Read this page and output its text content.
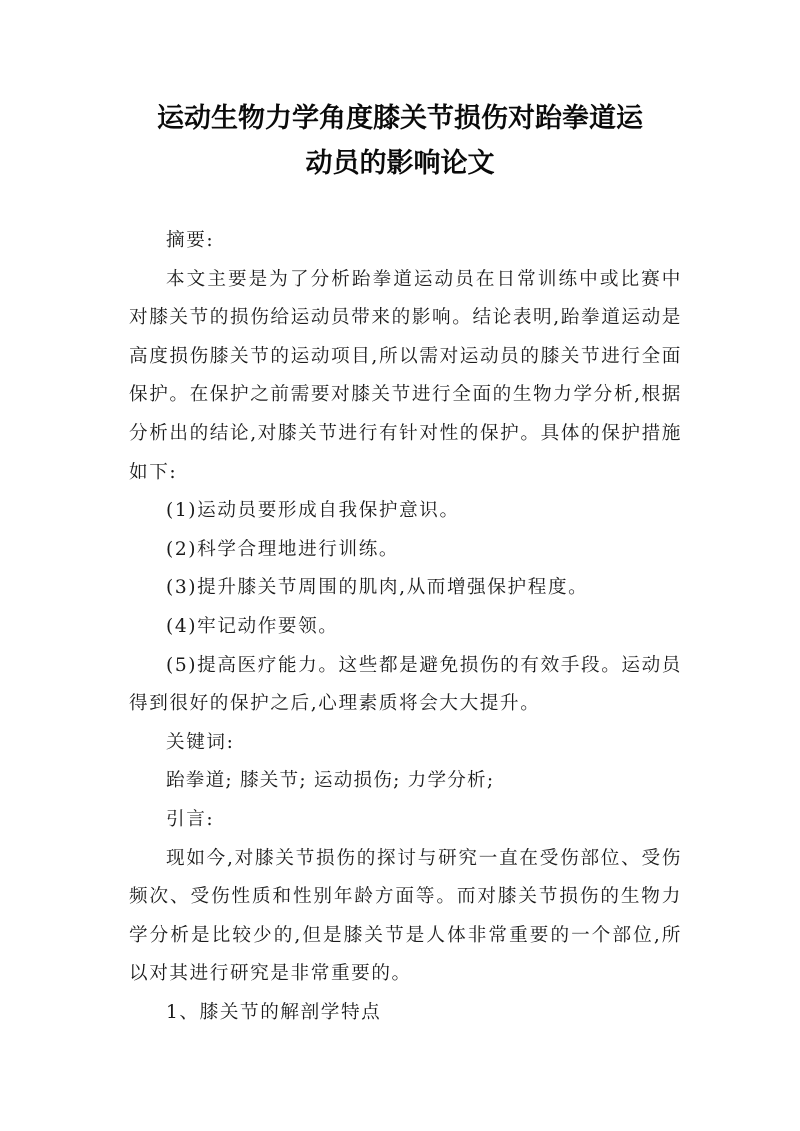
运动生物力学角度膝关节损伤对跆拳道运
动员的影响论文

摘要:

本文主要是为了分析跆拳道运动员在日常训练中或比赛中对膝关节的损伤给运动员带来的影响。结论表明,跆拳道运动是高度损伤膝关节的运动项目,所以需对运动员的膝关节进行全面保护。在保护之前需要对膝关节进行全面的生物力学分析,根据分析出的结论,对膝关节进行有针对性的保护。具体的保护措施如下:

(1)运动员要形成自我保护意识。

(2)科学合理地进行训练。

(3)提升膝关节周围的肌肉,从而增强保护程度。

(4)牢记动作要领。

(5)提高医疗能力。这些都是避免损伤的有效手段。运动员得到很好的保护之后,心理素质将会大大提升。

关键词:

跆拳道; 膝关节; 运动损伤; 力学分析;

引言:

现如今,对膝关节损伤的探讨与研究一直在受伤部位、受伤频次、受伤性质和性别年龄方面等。而对膝关节损伤的生物力学分析是比较少的,但是膝关节是人体非常重要的一个部位,所以对其进行研究是非常重要的。

1、膝关节的解剖学特点
